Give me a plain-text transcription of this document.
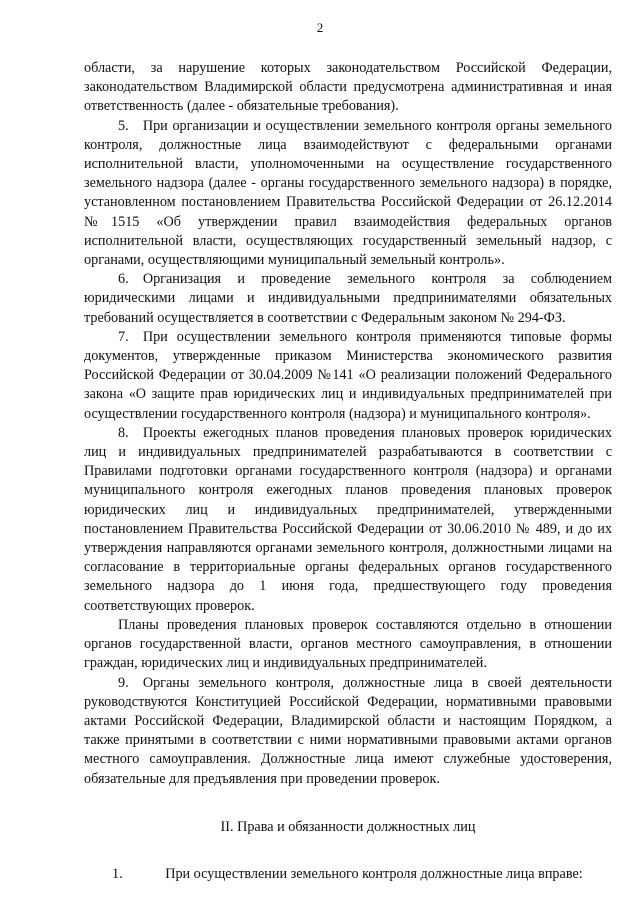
2

области, за нарушение которых законодательством Российской Федерации, законодательством Владимирской области предусмотрена административная и иная ответственность (далее - обязательные требования).

5. При организации и осуществлении земельного контроля органы земельного контроля, должностные лица взаимодействуют с федеральными органами исполнительной власти, уполномоченными на осуществление государственного земельного надзора (далее - органы государственного земельного надзора) в порядке, установленном постановлением Правительства Российской Федерации от 26.12.2014 №1515 «Об утверждении правил взаимодействия федеральных органов исполнительной власти, осуществляющих государственный земельный надзор, с органами, осуществляющими муниципальный земельный контроль».

6. Организация и проведение земельного контроля за соблюдением юридическими лицами и индивидуальными предпринимателями обязательных требований осуществляется в соответствии с Федеральным законом № 294-ФЗ.

7. При осуществлении земельного контроля применяются типовые формы документов, утвержденные приказом Министерства экономического развития Российской Федерации от 30.04.2009 №141 «О реализации положений Федерального закона «О защите прав юридических лиц и индивидуальных предпринимателей при осуществлении государственного контроля (надзора) и муниципального контроля».

8. Проекты ежегодных планов проведения плановых проверок юридических лиц и индивидуальных предпринимателей разрабатываются в соответствии с Правилами подготовки органами государственного контроля (надзора) и органами муниципального контроля ежегодных планов проведения плановых проверок юридических лиц и индивидуальных предпринимателей, утвержденными постановлением Правительства Российской Федерации от 30.06.2010 № 489, и до их утверждения направляются органами земельного контроля, должностными лицами на согласование в территориальные органы федеральных органов государственного земельного надзора до 1 июня года, предшествующего году проведения соответствующих проверок.

Планы проведения плановых проверок составляются отдельно в отношении органов государственной власти, органов местного самоуправления, в отношении граждан, юридических лиц и индивидуальных предпринимателей.

9. Органы земельного контроля, должностные лица в своей деятельности руководствуются Конституцией Российской Федерации, нормативными правовыми актами Российской Федерации, Владимирской области и настоящим Порядком, а также принятыми в соответствии с ними нормативными правовыми актами органов местного самоуправления. Должностные лица имеют служебные удостоверения, обязательные для предъявления при проведении проверок.

II. Права и обязанности должностных лиц

1.   При осуществлении земельного контроля должностные лица вправе:
